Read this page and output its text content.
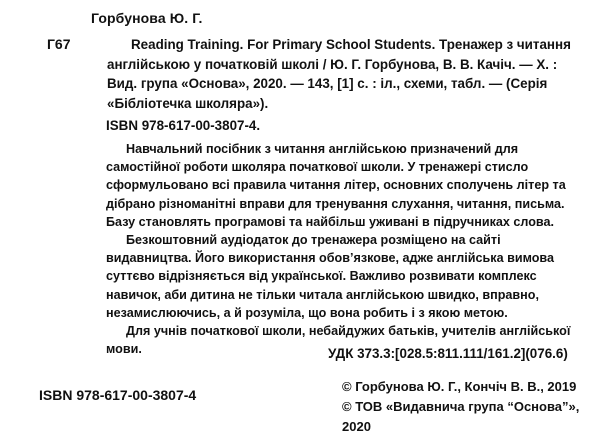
Горбунова Ю. Г.
Г67	Reading Training. For Primary School Students. Тренажер з читання англійською у початковій школі / Ю. Г. Горбунова, В. В. Качіч. — Х. : Вид. група «Основа», 2020. — 143, [1] с. : іл., схеми, табл. — (Серія «Бібліотечка школяра»).
ISBN 978-617-00-3807-4.

Навчальний посібник з читання англійською призначений для самостійної роботи школяра початкової школи. У тренажері стисло сформульовано всі правила читання літер, основних сполучень літер та дібрано різноманітні вправи для тренування слухання, читання, письма. Базу становлять програмові та найбільш уживані в підручниках слова.

Безкоштовний аудіодаток до тренажера розміщено на сайті видавництва. Його використання обов’язкове, адже англійська вимова суттєво відрізняється від української. Важливо розвивати комплекс навичок, аби дитина не тільки читала англійською швидко, вправно, незамислюючись, а й розуміла, що вона робить і з якою метою.

Для учнів початкової школи, небайдужих батьків, учителів англійської мови.	УДК 373.3:[028.5:811.111/161.2](076.6)
© Горбунова Ю. Г., Кончіч В. В., 2019
© ТОВ «Видавнича група “Основа”», 2020
ISBN 978-617-00-3807-4
